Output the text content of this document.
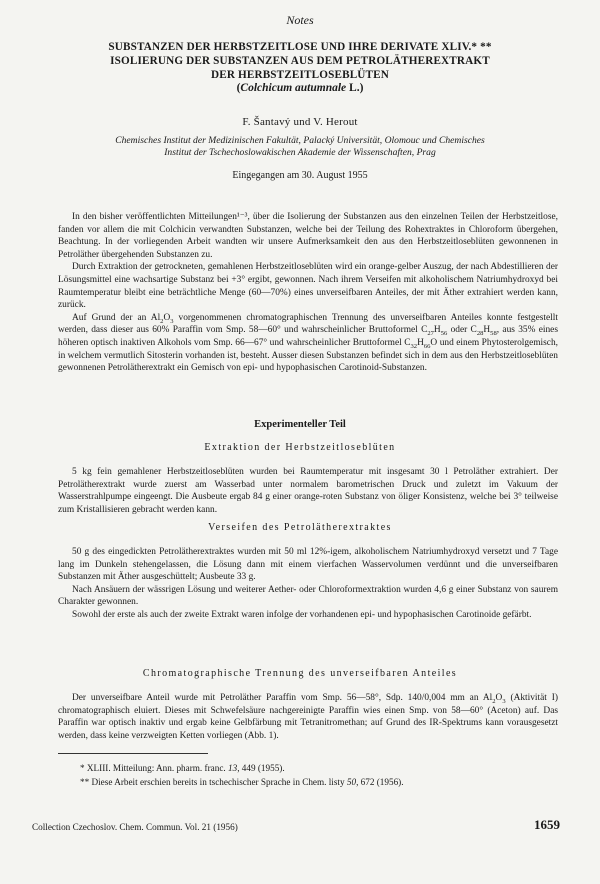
Notes
SUBSTANZEN DER HERBSTZEITLOSE UND IHRE DERIVATE XLIV.* **
ISOLIERUNG DER SUBSTANZEN AUS DEM PETROLÄTHEREXTRAKT
DER HERBSTZEITLOSEBLÜTEN
(Colchicum autumnale L.)
F. Šantavý und V. Herout
Chemisches Institut der Medizinischen Fakultät, Palacký Universität, Olomouc und Chemisches
Institut der Tschechoslowakischen Akademie der Wissenschaften, Prag
Eingegangen am 30. August 1955

In den bisher veröffentlichten Mitteilungen¹⁻³, über die Isolierung der Substanzen aus den einzelnen Teilen der Herbstzeitlose, fanden vor allem die mit Colchicin verwandten Substanzen, welche bei der Teilung des Rohextraktes in Chloroform übergehen, Beachtung. In der vorliegenden Arbeit wandten wir unsere Aufmerksamkeit den aus den Herbstzeitloseblüten gewonnenen in Petroläther übergehenden Substanzen zu.

Durch Extraktion der getrockneten, gemahlenen Herbstzeitloseblüten wird ein orange-gelber Auszug, der nach Abdestillieren der Lösungsmittel eine wachsartige Substanz bei +3° ergibt, gewonnen. Nach ihrem Verseifen mit alkoholischem Natriumhydroxyd bei Raumtemperatur bleibt eine beträchtliche Menge (60—70%) eines unverseifbaren Anteiles, der mit Äther extrahiert werden kann, zurück.

Auf Grund der an $Al_2O_3$ vorgenommenen chromatographischen Trennung des unverseifbaren Anteiles konnte festgestellt werden, dass dieser aus 60% Paraffin vom Smp. 58—60° und wahrscheinlicher Bruttoformel $C_{27}H_{56}$ oder $C_{28}H_{58}$, aus 35% eines höheren optisch inaktiven Alkohols vom Smp. 66—67° und wahrscheinlicher Bruttoformel $C_{32}H_{66}O$ und einem Phytosterolgemisch, in welchem vermutlich Sitosterin vorhanden ist, besteht. Ausser diesen Substanzen befindet sich in dem aus den Herbstzeitloseblüten gewonnenen Petrolätherextrakt ein Gemisch von epi- und hypophasischen Carotinoid-Substanzen.

Experimenteller Teil
Extraktion der Herbstzeitloseblüten

5 kg fein gemahlener Herbstzeitloseblüten wurden bei Raumtemperatur mit insgesamt 30 l Petroläther extrahiert. Der Petrolätherextrakt wurde zuerst am Wasserbad unter normalem barometrischen Druck und zuletzt im Vakuum der Wasserstrahlpumpe eingeengt. Die Ausbeute ergab 84 g einer orange-roten Substanz von öliger Konsistenz, welche bei 3° teilweise zum Kristallisieren gebracht werden kann.

Verseifen des Petrolätherextraktes

50 g des eingedickten Petrolätherextraktes wurden mit 50 ml 12%-igem, alkoholischem Natriumhydroxyd versetzt und 7 Tage lang im Dunkeln stehengelassen, die Lösung dann mit einem vierfachen Wasservolumen verdünnt und die unverseifbaren Substanzen mit Äther ausgeschüttelt; Ausbeute 33 g.

Nach Ansäuern der wässrigen Lösung und weiterer Aether- oder Chloroformextraktion wurden 4,6 g einer Substanz von saurem Charakter gewonnen.

Sowohl der erste als auch der zweite Extrakt waren infolge der vorhandenen epi- und hypophasischen Carotinoide gefärbt.

Chromatographische Trennung des unverseifbaren Anteiles

Der unverseifbare Anteil wurde mit Petroläther Paraffin vom Smp. 56—58°, Sdp. 140/0,004 mm an $Al_2O_3$ (Aktivität I) chromatographisch eluiert. Dieses mit Schwefelsäure nachgereinigte Paraffin wies einen Smp. von 58—60° (Aceton) auf. Das Paraffin war optisch inaktiv und ergab keine Gelbfärbung mit Tetranitromethan; auf Grund des IR-Spektrums kann vorausgesetzt werden, dass keine verzweigten Ketten vorliegen (Abb. 1).

* XLIII. Mitteilung: Ann. pharm. franc. 13, 449 (1955).
** Diese Arbeit erschien bereits in tschechischer Sprache in Chem. listy 50, 672 (1956).
Collection Czechoslov. Chem. Commun. Vol. 21 (1956)	1659
